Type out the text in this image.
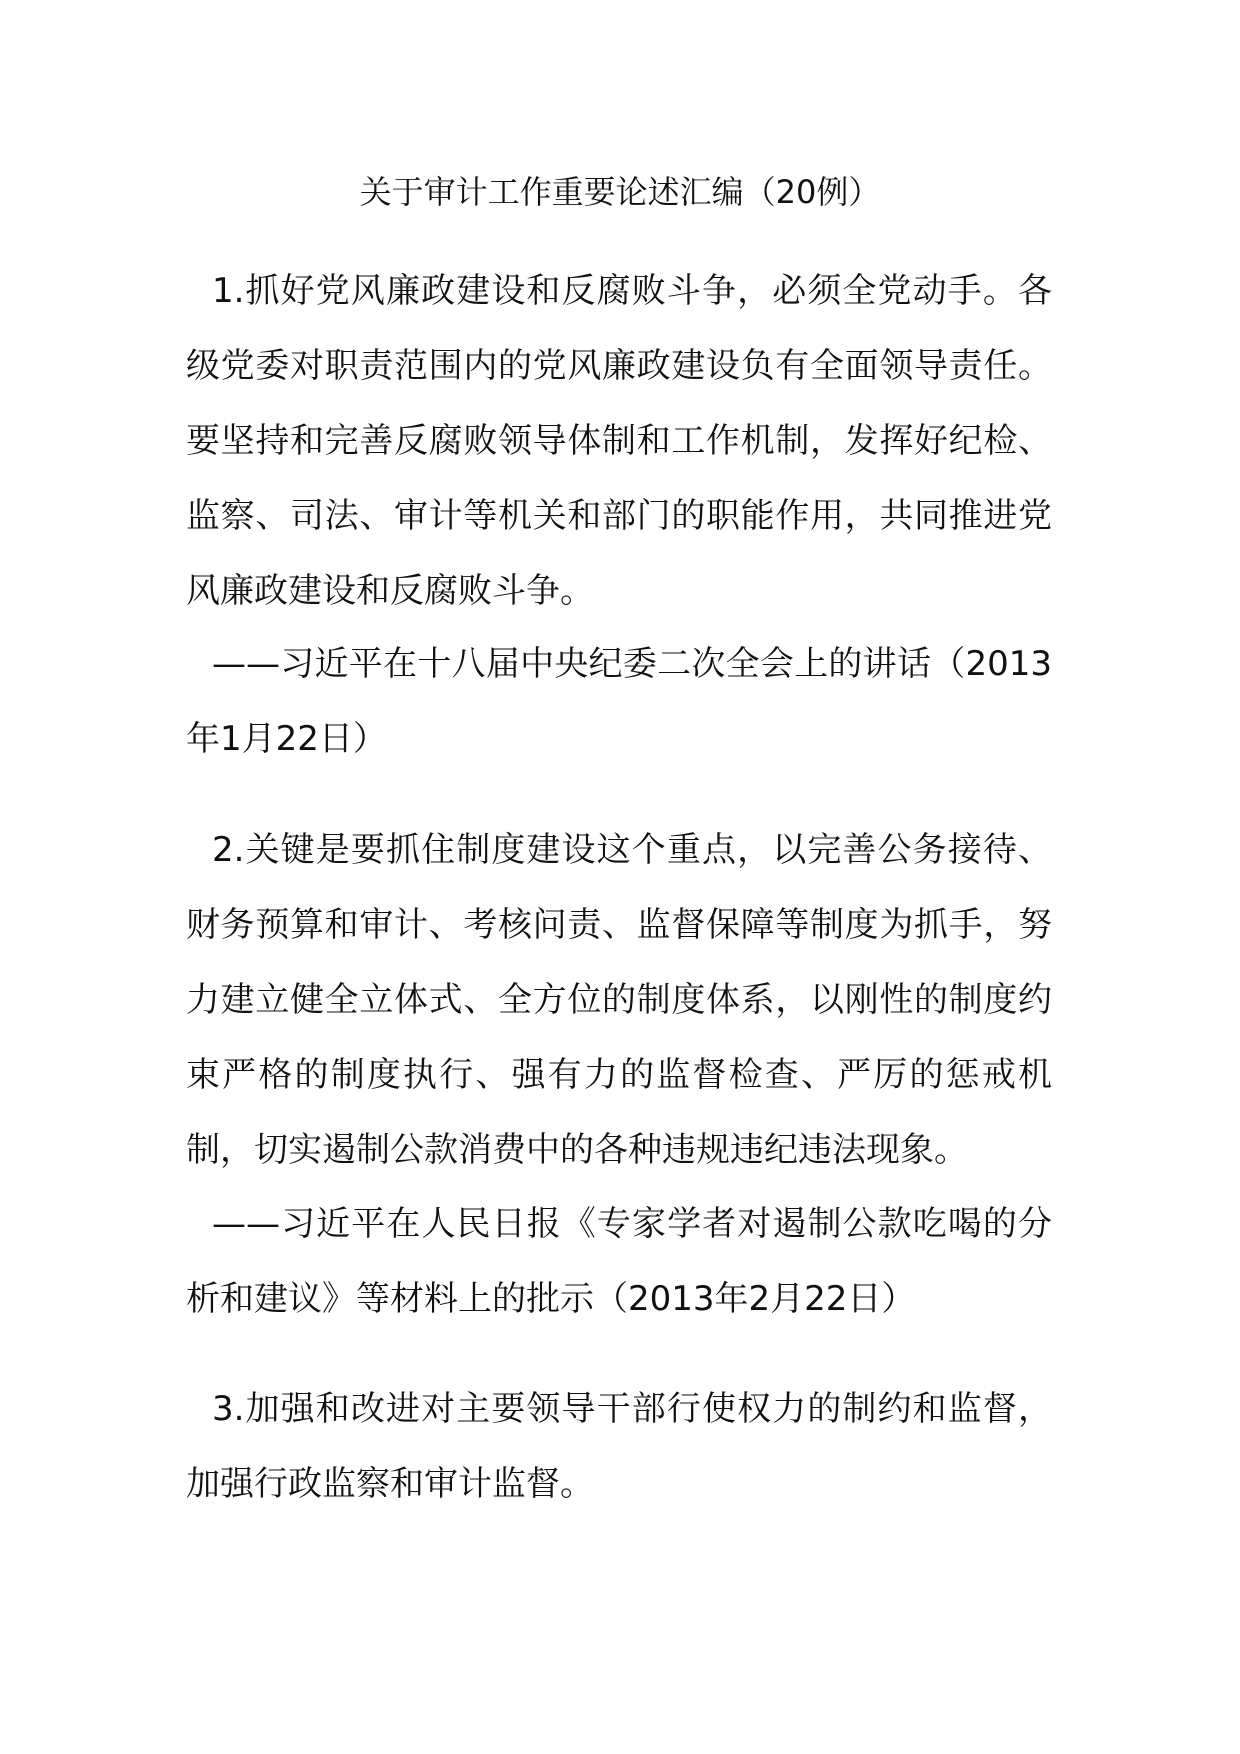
关于审计工作重要论述汇编（20例）

1.抓好党风廉政建设和反腐败斗争，必须全党动手。各级党委对职责范围内的党风廉政建设负有全面领导责任。要坚持和完善反腐败领导体制和工作机制，发挥好纪检、监察、司法、审计等机关和部门的职能作用，共同推进党风廉政建设和反腐败斗争。

——习近平在十八届中央纪委二次全会上的讲话（2013年1月22日）

2.关键是要抓住制度建设这个重点，以完善公务接待、财务预算和审计、考核问责、监督保障等制度为抓手，努力建立健全立体式、全方位的制度体系，以刚性的制度约束严格的制度执行、强有力的监督检查、严厉的惩戒机制，切实遏制公款消费中的各种违规违纪违法现象。

——习近平在人民日报《专家学者对遏制公款吃喝的分析和建议》等材料上的批示（2013年2月22日）

3.加强和改进对主要领导干部行使权力的制约和监督，加强行政监察和审计监督。
